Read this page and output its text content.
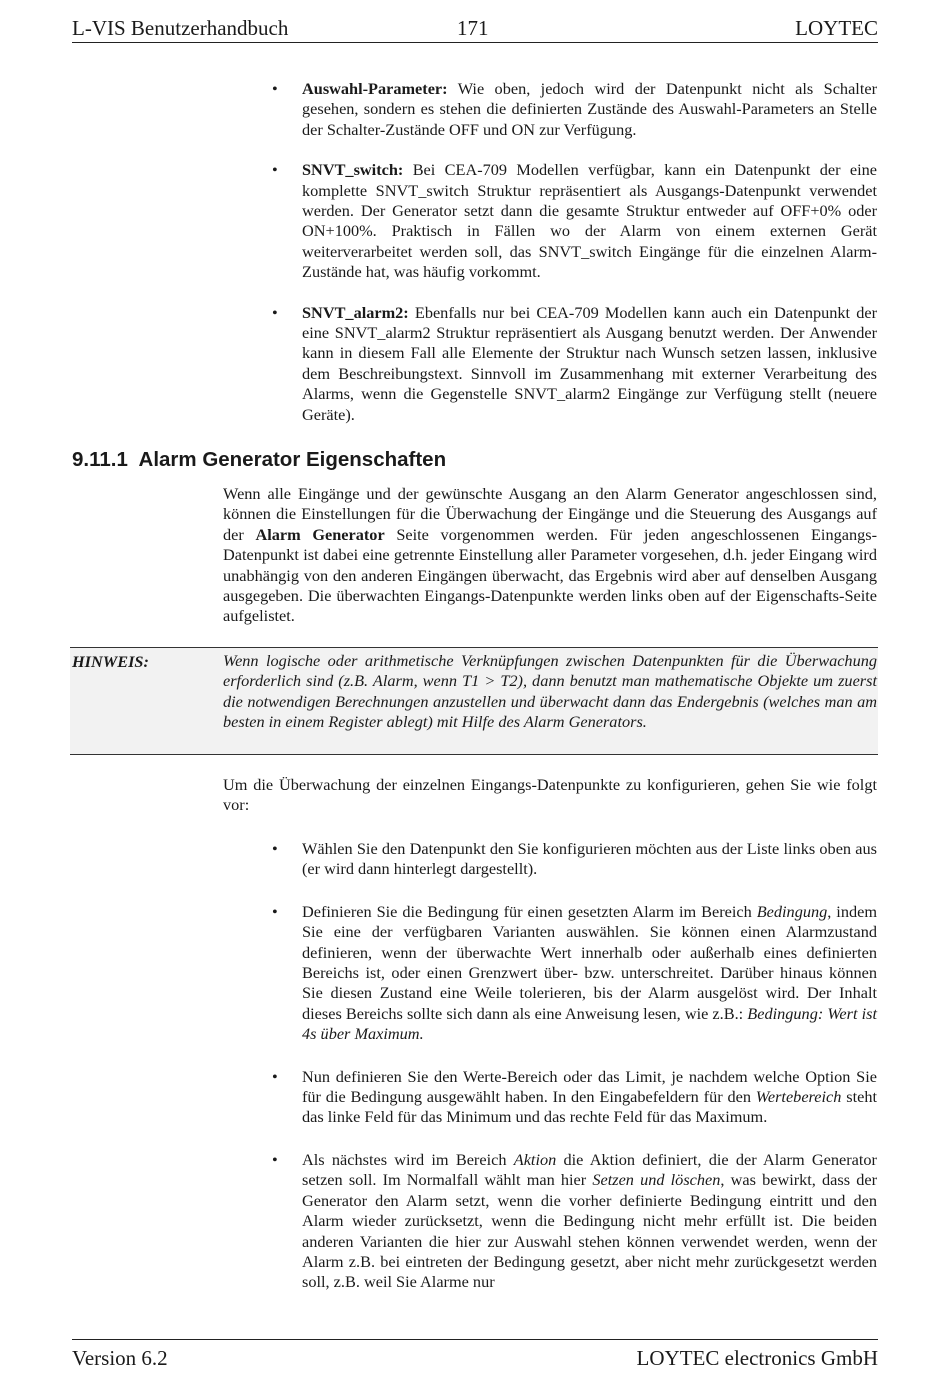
L-VIS Benutzerhandbuch	171	LOYTEC
• Auswahl-Parameter: Wie oben, jedoch wird der Datenpunkt nicht als Schalter gesehen, sondern es stehen die definierten Zustände des Auswahl-Parameters an Stelle der Schalter-Zustände OFF und ON zur Verfügung.
• SNVT_switch: Bei CEA-709 Modellen verfügbar, kann ein Datenpunkt der eine komplette SNVT_switch Struktur repräsentiert als Ausgangs-Datenpunkt verwendet werden. Der Generator setzt dann die gesamte Struktur entweder auf OFF+0% oder ON+100%. Praktisch in Fällen wo der Alarm von einem externen Gerät weiterverarbeitet werden soll, das SNVT_switch Eingänge für die einzelnen Alarm-Zustände hat, was häufig vorkommt.
• SNVT_alarm2: Ebenfalls nur bei CEA-709 Modellen kann auch ein Datenpunkt der eine SNVT_alarm2 Struktur repräsentiert als Ausgang benutzt werden. Der Anwender kann in diesem Fall alle Elemente der Struktur nach Wunsch setzen lassen, inklusive dem Beschreibungstext. Sinnvoll im Zusammenhang mit externer Verarbeitung des Alarms, wenn die Gegenstelle SNVT_alarm2 Eingänge zur Verfügung stellt (neuere Geräte).
9.11.1 Alarm Generator Eigenschaften

Wenn alle Eingänge und der gewünschte Ausgang an den Alarm Generator angeschlossen sind, können die Einstellungen für die Überwachung der Eingänge und die Steuerung des Ausgangs auf der Alarm Generator Seite vorgenommen werden. Für jeden angeschlossenen Eingangs-Datenpunkt ist dabei eine getrennte Einstellung aller Parameter vorgesehen, d.h. jeder Eingang wird unabhängig von den anderen Eingängen überwacht, das Ergebnis wird aber auf denselben Ausgang ausgegeben. Die überwachten Eingangs-Datenpunkte werden links oben auf der Eigenschafts-Seite aufgelistet.

HINWEIS:	Wenn logische oder arithmetische Verknüpfungen zwischen Datenpunkten für die Überwachung erforderlich sind (z.B. Alarm, wenn T1 > T2), dann benutzt man mathematische Objekte um zuerst die notwendigen Berechnungen anzustellen und überwacht dann das Endergebnis (welches man am besten in einem Register ablegt) mit Hilfe des Alarm Generators.

Um die Überwachung der einzelnen Eingangs-Datenpunkte zu konfigurieren, gehen Sie wie folgt vor:

• Wählen Sie den Datenpunkt den Sie konfigurieren möchten aus der Liste links oben aus (er wird dann hinterlegt dargestellt).
• Definieren Sie die Bedingung für einen gesetzten Alarm im Bereich Bedingung, indem Sie eine der verfügbaren Varianten auswählen. Sie können einen Alarmzustand definieren, wenn der überwachte Wert innerhalb oder außerhalb eines definierten Bereichs ist, oder einen Grenzwert über- bzw. unterschreitet. Darüber hinaus können Sie diesen Zustand eine Weile tolerieren, bis der Alarm ausgelöst wird. Der Inhalt dieses Bereichs sollte sich dann als eine Anweisung lesen, wie z.B.: Bedingung: Wert ist 4s über Maximum.
• Nun definieren Sie den Werte-Bereich oder das Limit, je nachdem welche Option Sie für die Bedingung ausgewählt haben. In den Eingabefeldern für den Wertebereich steht das linke Feld für das Minimum und das rechte Feld für das Maximum.
• Als nächstes wird im Bereich Aktion die Aktion definiert, die der Alarm Generator setzen soll. Im Normalfall wählt man hier Setzen und löschen, was bewirkt, dass der Generator den Alarm setzt, wenn die vorher definierte Bedingung eintritt und den Alarm wieder zurücksetzt, wenn die Bedingung nicht mehr erfüllt ist. Die beiden anderen Varianten die hier zur Auswahl stehen können verwendet werden, wenn der Alarm z.B. bei eintreten der Bedingung gesetzt, aber nicht mehr zurückgesetzt werden soll, z.B. weil Sie Alarme nur
Version 6.2	LOYTEC electronics GmbH
